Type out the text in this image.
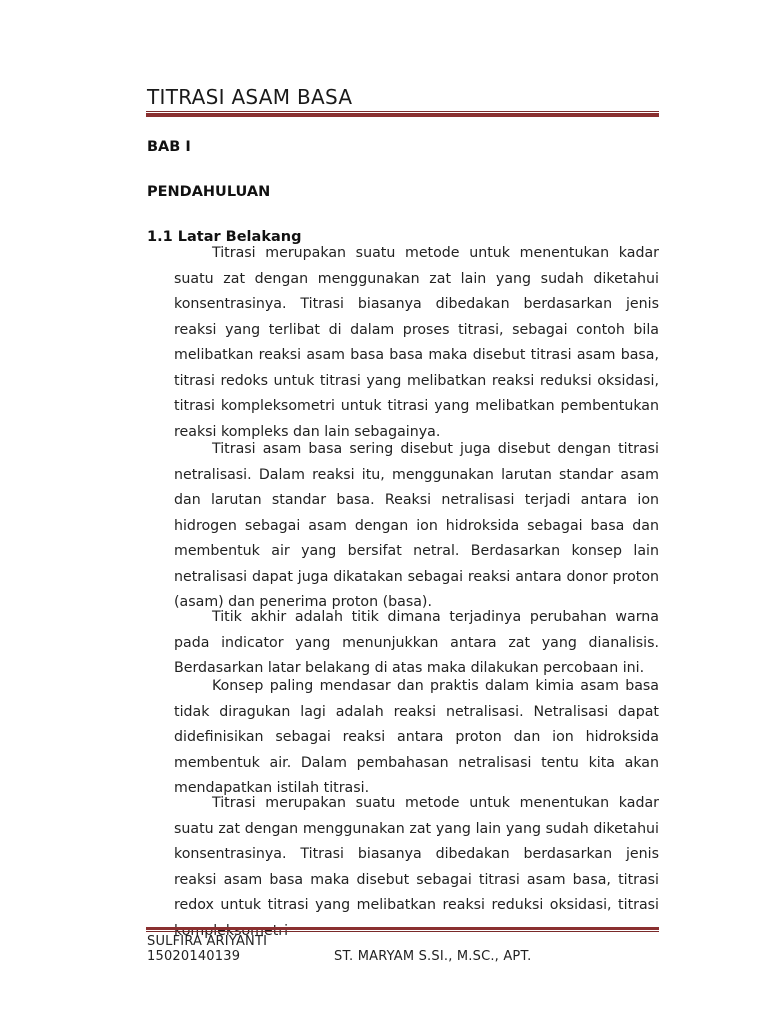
TITRASI ASAM BASA
BAB I
PENDAHULUAN
1.1 Latar Belakang

Titrasi merupakan suatu metode untuk menentukan kadar suatu zat dengan menggunakan zat lain yang sudah diketahui konsentrasinya. Titrasi biasanya dibedakan berdasarkan jenis reaksi yang terlibat di dalam proses titrasi, sebagai contoh bila melibatkan reaksi asam basa basa maka disebut titrasi asam basa, titrasi redoks untuk titrasi yang melibatkan reaksi reduksi oksidasi, titrasi kompleksometri untuk titrasi yang melibatkan pembentukan reaksi kompleks dan lain sebagainya.

Titrasi asam basa sering disebut juga disebut dengan titrasi netralisasi. Dalam reaksi itu, menggunakan larutan standar asam dan larutan standar basa. Reaksi netralisasi terjadi antara ion hidrogen sebagai asam dengan ion hidroksida sebagai basa dan membentuk air yang bersifat netral. Berdasarkan konsep lain netralisasi dapat juga dikatakan sebagai reaksi antara donor proton (asam) dan penerima proton (basa).

Titik akhir adalah titik dimana terjadinya perubahan warna pada indicator yang menunjukkan antara zat yang dianalisis. Berdasarkan latar belakang di atas maka dilakukan percobaan ini.

Konsep paling mendasar dan praktis dalam kimia asam basa tidak diragukan lagi adalah reaksi netralisasi. Netralisasi dapat didefinisikan sebagai reaksi antara proton dan ion hidroksida membentuk air. Dalam pembahasan netralisasi tentu kita akan mendapatkan istilah titrasi.

Titrasi merupakan suatu metode untuk menentukan kadar suatu zat dengan menggunakan zat yang lain yang sudah diketahui konsentrasinya. Titrasi biasanya dibedakan berdasarkan jenis reaksi asam basa maka disebut sebagai titrasi asam basa, titrasi redox untuk titrasi yang melibatkan reaksi reduksi oksidasi, titrasi

SULFIRA ARIYANTI
15020140139	ST. MARYAM S.SI., M.SC., APT.
